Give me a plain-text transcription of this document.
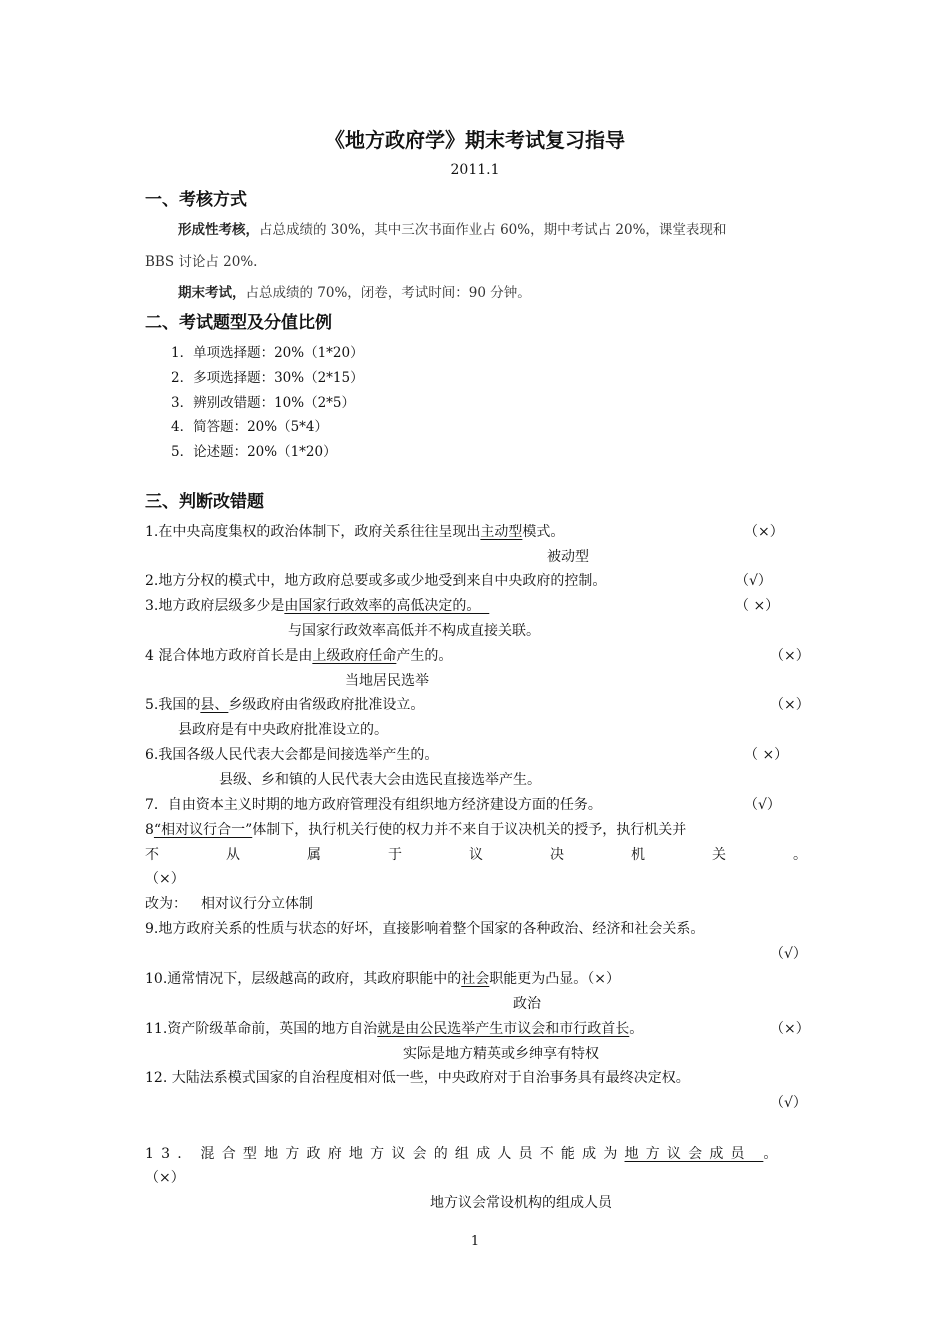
《地方政府学》期末考试复习指导
2011.1
一、考核方式
形成性考核，占总成绩的 30%，其中三次书面作业占 60%，期中考试占 20%，课堂表现和
BBS 讨论占 20%.
期末考试，占总成绩的 70%，闭卷，考试时间：90 分钟。
二、考试题型及分值比例
1．单项选择题：20%（1*20）
2．多项选择题：30%（2*15）
3．辨别改错题：10%（2*5）
4．简答题：20%（5*4）
5．论述题：20%（1*20）
三、判断改错题
1.在中央高度集权的政治体制下，政府关系往往呈现出主动型模式。	（×）
被动型
2.地方分权的模式中，地方政府总要或多或少地受到来自中央政府的控制。	（√）
3.地方政府层级多少是由国家行政效率的高低决定的。	（ ×）
与国家行政效率高低并不构成直接关联。
4 混合体地方政府首长是由上级政府任命产生的。	（×）
当地居民选举
5.我国的县、乡级政府由省级政府批准设立。	（×）
县政府是有中央政府批准设立的。
6.我国各级人民代表大会都是间接选举产生的。	（ ×）
县级、乡和镇的人民代表大会由选民直接选举产生。
7．自由资本主义时期的地方政府管理没有组织地方经济建设方面的任务。	（√）
8“相对议行合一”体制下，执行机关行使的权力并不来自于议决机关的授予，执行机关并
不	从	属	于	议	决	机	关	。
（×）
改为： 相对议行分立体制
9.地方政府关系的性质与状态的好坏，直接影响着整个国家的各种政治、经济和社会关系。
（√）
10.通常情况下，层级越高的政府，其政府职能中的社会职能更为凸显。（×）
政治
11.资产阶级革命前，英国的地方自治就是由公民选举产生市议会和市行政首长。	（×）
实际是地方精英或乡绅享有特权
12. 大陆法系模式国家的自治程度相对低一些，中央政府对于自治事务具有最终决定权。
（√）
13. 混合型地方政府地方议会的组成人员不能成为地方议会成员 。
（×）
地方议会常设机构的组成人员
1
